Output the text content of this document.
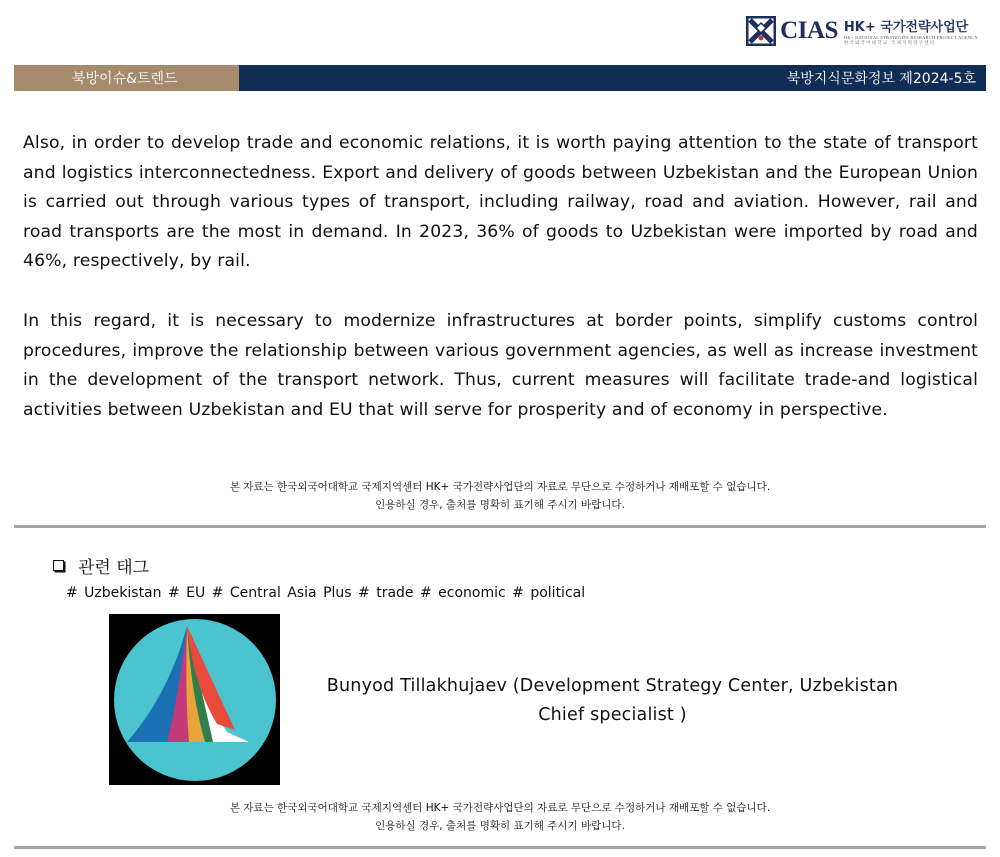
CIAS HK+ 국가전략사업단
HK+ NATIONAL STRATEGIES RESEARCH PROJECT AGENCY
한국외국어대학교 국제지역연구센터
북방이슈&트렌드	북방지식문화정보 제2024-5호

Also, in order to develop trade and economic relations, it is worth paying attention to the state of transport and logistics interconnectedness. Export and delivery of goods between Uzbekistan and the European Union is carried out through various types of transport, including railway, road and aviation. However, rail and road transports are the most in demand. In 2023, 36% of goods to Uzbekistan were imported by road and 46%, respectively, by rail.

In this regard, it is necessary to modernize infrastructures at border points, simplify customs control procedures, improve the relationship between various government agencies, as well as increase investment in the development of the transport network. Thus, current measures will facilitate trade-and logistical activities between Uzbekistan and EU that will serve for prosperity and of economy in perspective.

본 자료는 한국외국어대학교 국제지역센터 HK+ 국가전략사업단의 자료로 무단으로 수정하거나 재배포할 수 없습니다.
인용하실 경우, 출처를 명확히 표기해 주시기 바랍니다.
관련 태그
# Uzbekistan # EU # Central Asia Plus # trade # economic # political
Bunyod Tillakhujaev (Development Strategy Center, Uzbekistan
Chief specialist )
본 자료는 한국외국어대학교 국제지역센터 HK+ 국가전략사업단의 자료로 무단으로 수정하거나 재배포할 수 없습니다.
인용하실 경우, 출처를 명확히 표기해 주시기 바랍니다.
